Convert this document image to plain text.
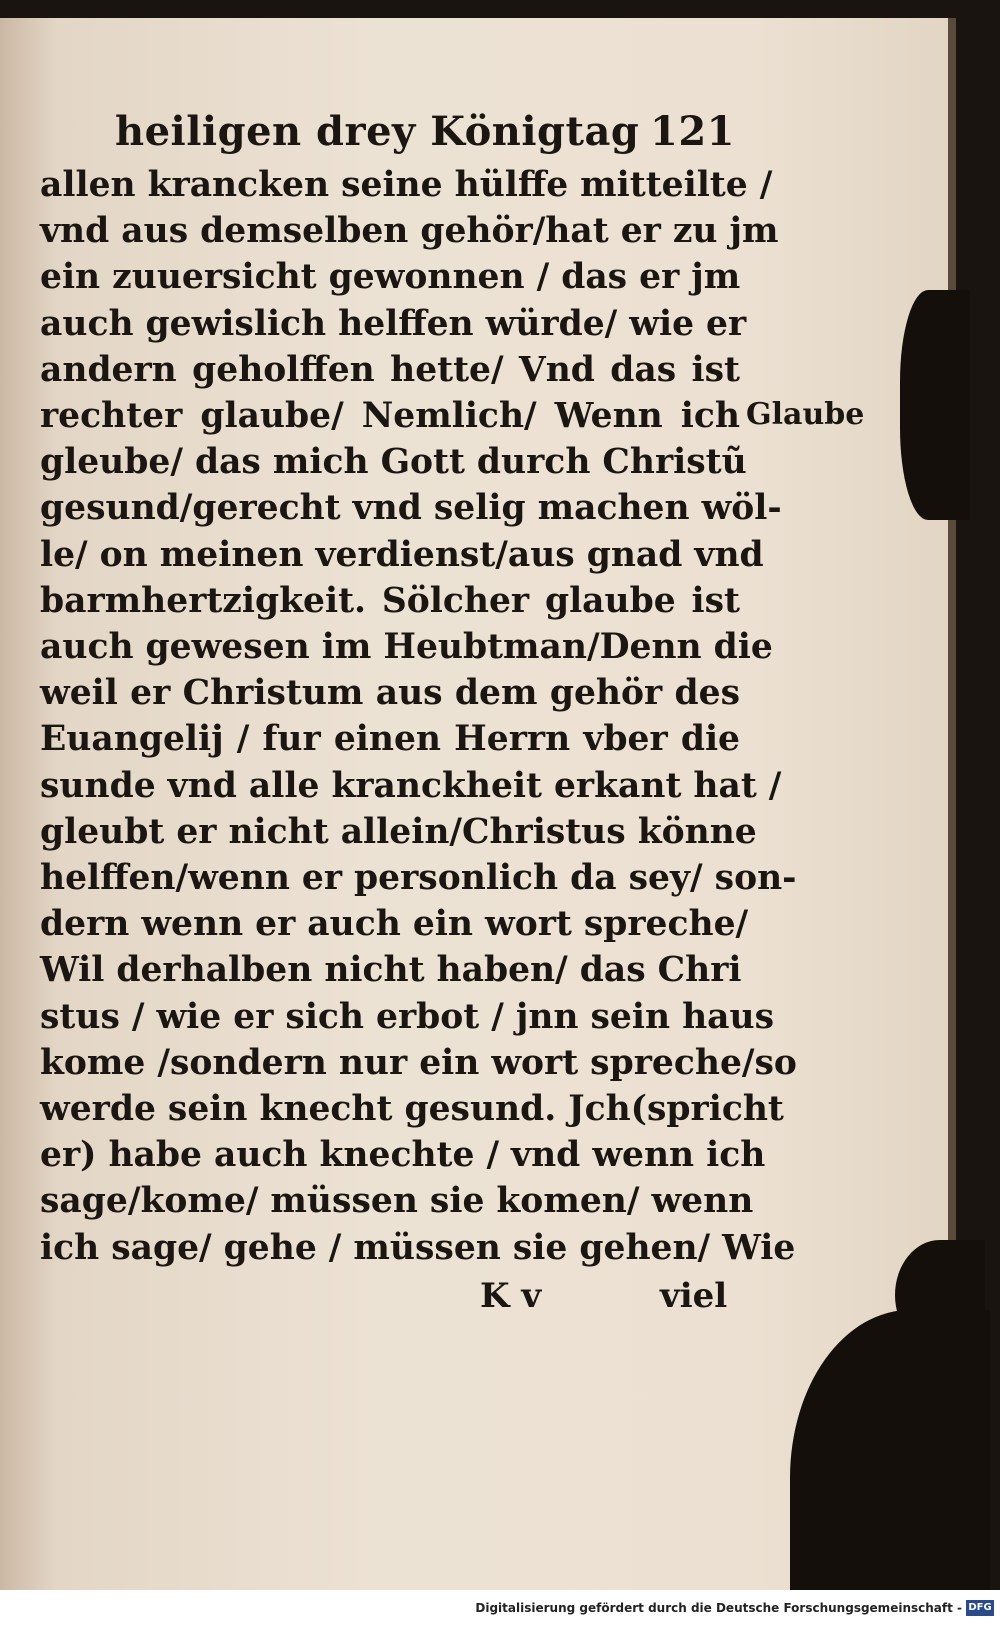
heiligen drey Königtag 121
Glaube
allen krancken seine hülffe mitteilte /
vnd aus demselben gehör/hat er zu jm
ein zuuersicht gewonnen / das er jm
auch gewislich helffen würde/ wie er
andern geholffen hette/ Vnd das ist
rechter glaube/ Nemlich/ Wenn ich
gleube/ das mich Gott durch Christũ
gesund/gerecht vnd selig machen wöl-
le/ on meinen verdienst/aus gnad vnd
barmhertzigkeit. Sölcher glaube ist
auch gewesen im Heubtman/Denn die
weil er Christum aus dem gehör des
Euangelij / fur einen Herrn vber die
sunde vnd alle kranckheit erkant hat /
gleubt er nicht allein/Christus könne
helffen/wenn er personlich da sey/ son-
dern wenn er auch ein wort spreche/
Wil derhalben nicht haben/ das Chri
stus / wie er sich erbot / jnn sein haus
kome /sondern nur ein wort spreche/so
werde sein knecht gesund. Jch(spricht
er) habe auch knechte / vnd wenn ich
sage/kome/ müssen sie komen/ wenn
ich sage/ gehe / müssen sie gehen/ Wie
K v	viel
Digitalisierung gefördert durch die Deutsche Forschungsgemeinschaft - DFG
